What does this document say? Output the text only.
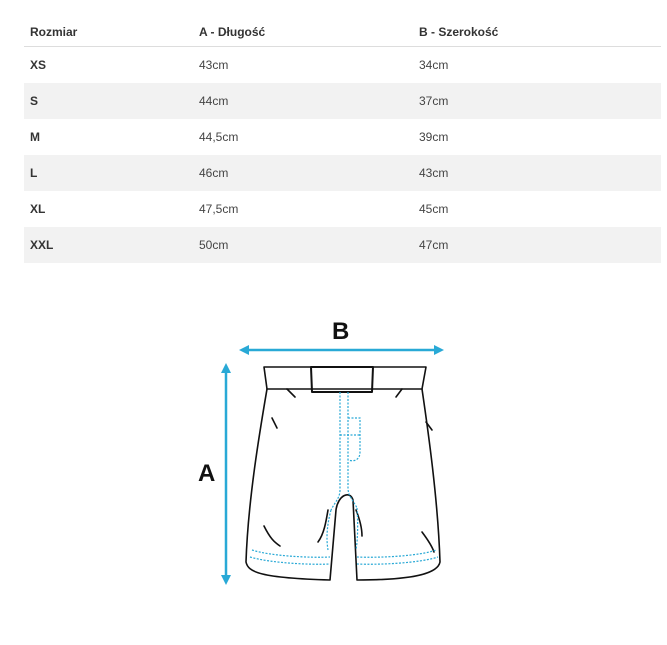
Rozmiar	A - Długość	B - Szerokość
XS	43cm	34cm
S	44cm	37cm
M	44,5cm	39cm
L	46cm	43cm
XL	47,5cm	45cm
XXL	50cm	47cm
B
A
